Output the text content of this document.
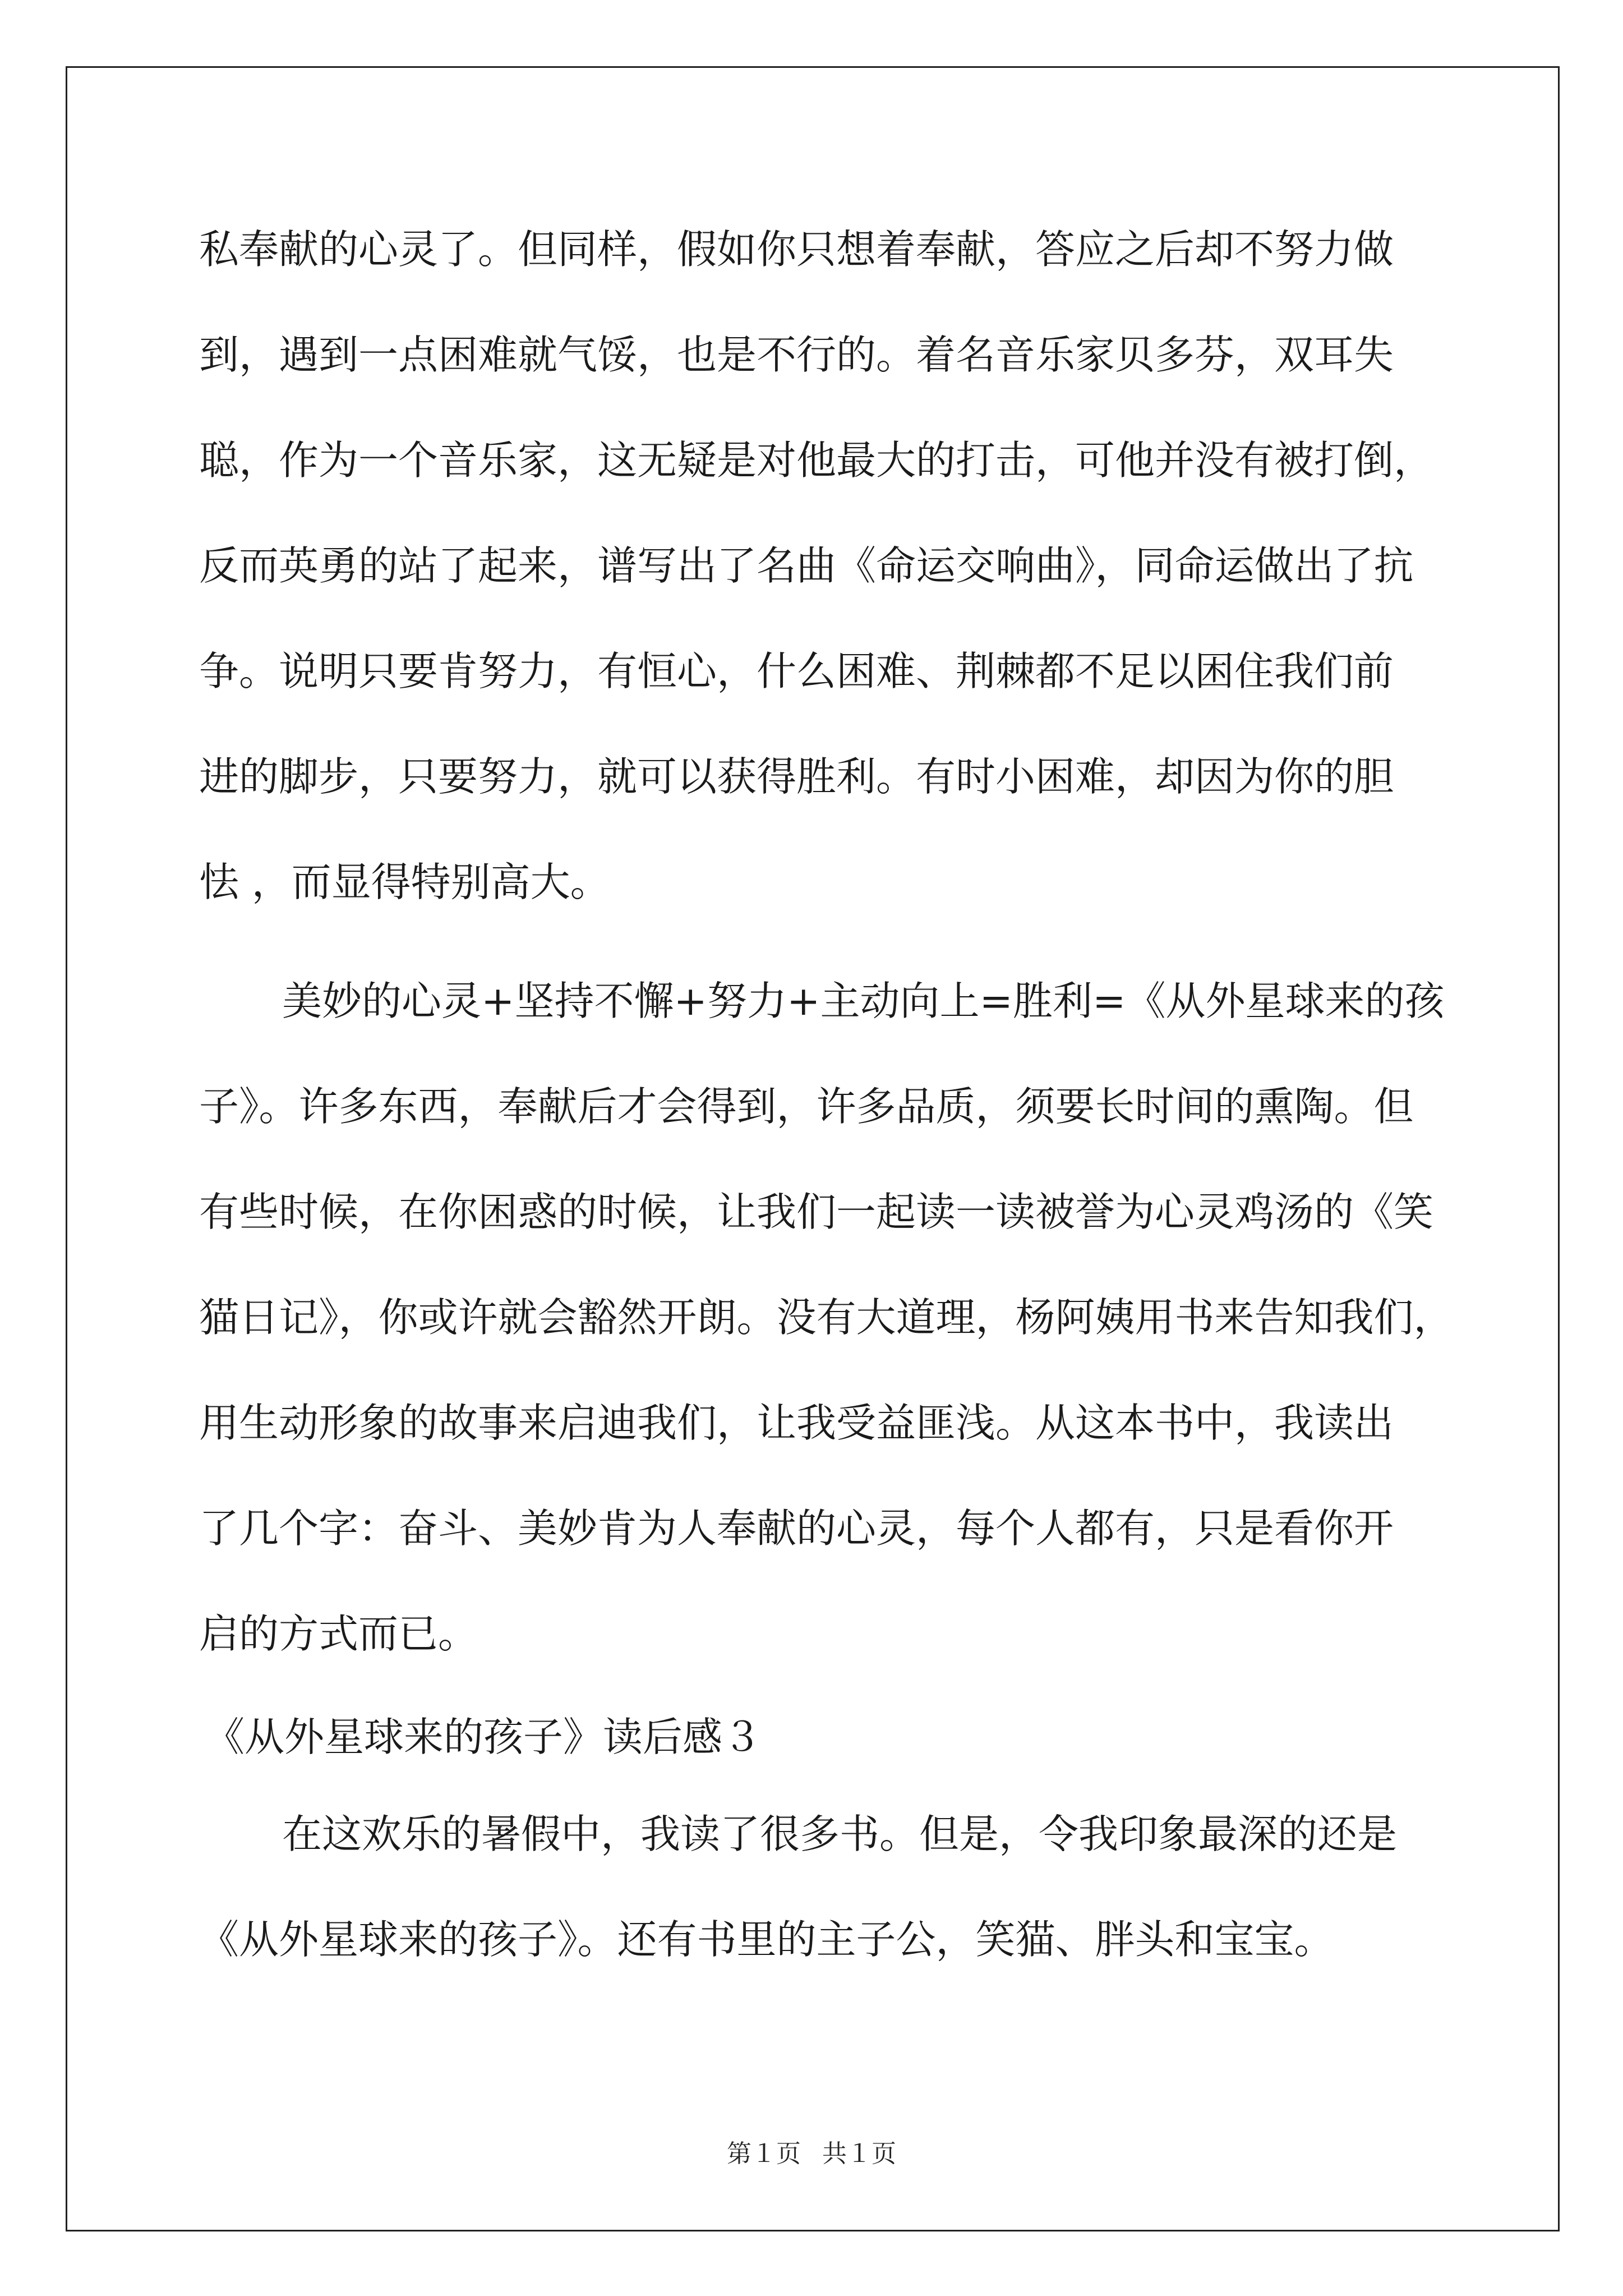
私奉献的心灵了。但同样，假如你只想着奉献，答应之后却不努力做
到，遇到一点困难就气馁，也是不行的。着名音乐家贝多芬，双耳失
聪，作为一个音乐家，这无疑是对他最大的打击，可他并没有被打倒，
反而英勇的站了起来，谱写出了名曲《命运交响曲》，同命运做出了抗
争。说明只要肯努力，有恒心，什么困难、荆棘都不足以困住我们前
进的脚步，只要努力，就可以获得胜利。有时小困难，却因为你的胆
怯 ，而显得特别高大。
美妙的心灵+坚持不懈+努力+主动向上=胜利=《从外星球来的孩
子》。许多东西，奉献后才会得到，许多品质，须要长时间的熏陶。但
有些时候，在你困惑的时候，让我们一起读一读被誉为心灵鸡汤的《笑
猫日记》，你或许就会豁然开朗。没有大道理，杨阿姨用书来告知我们，
用生动形象的故事来启迪我们，让我受益匪浅。从这本书中，我读出
了几个字：奋斗、美妙肯为人奉献的心灵，每个人都有，只是看你开
启的方式而已。
《从外星球来的孩子》读后感３
在这欢乐的暑假中，我读了很多书。但是，令我印象最深的还是
《从外星球来的孩子》。还有书里的主子公，笑猫、胖头和宝宝。
第１页 共１页
